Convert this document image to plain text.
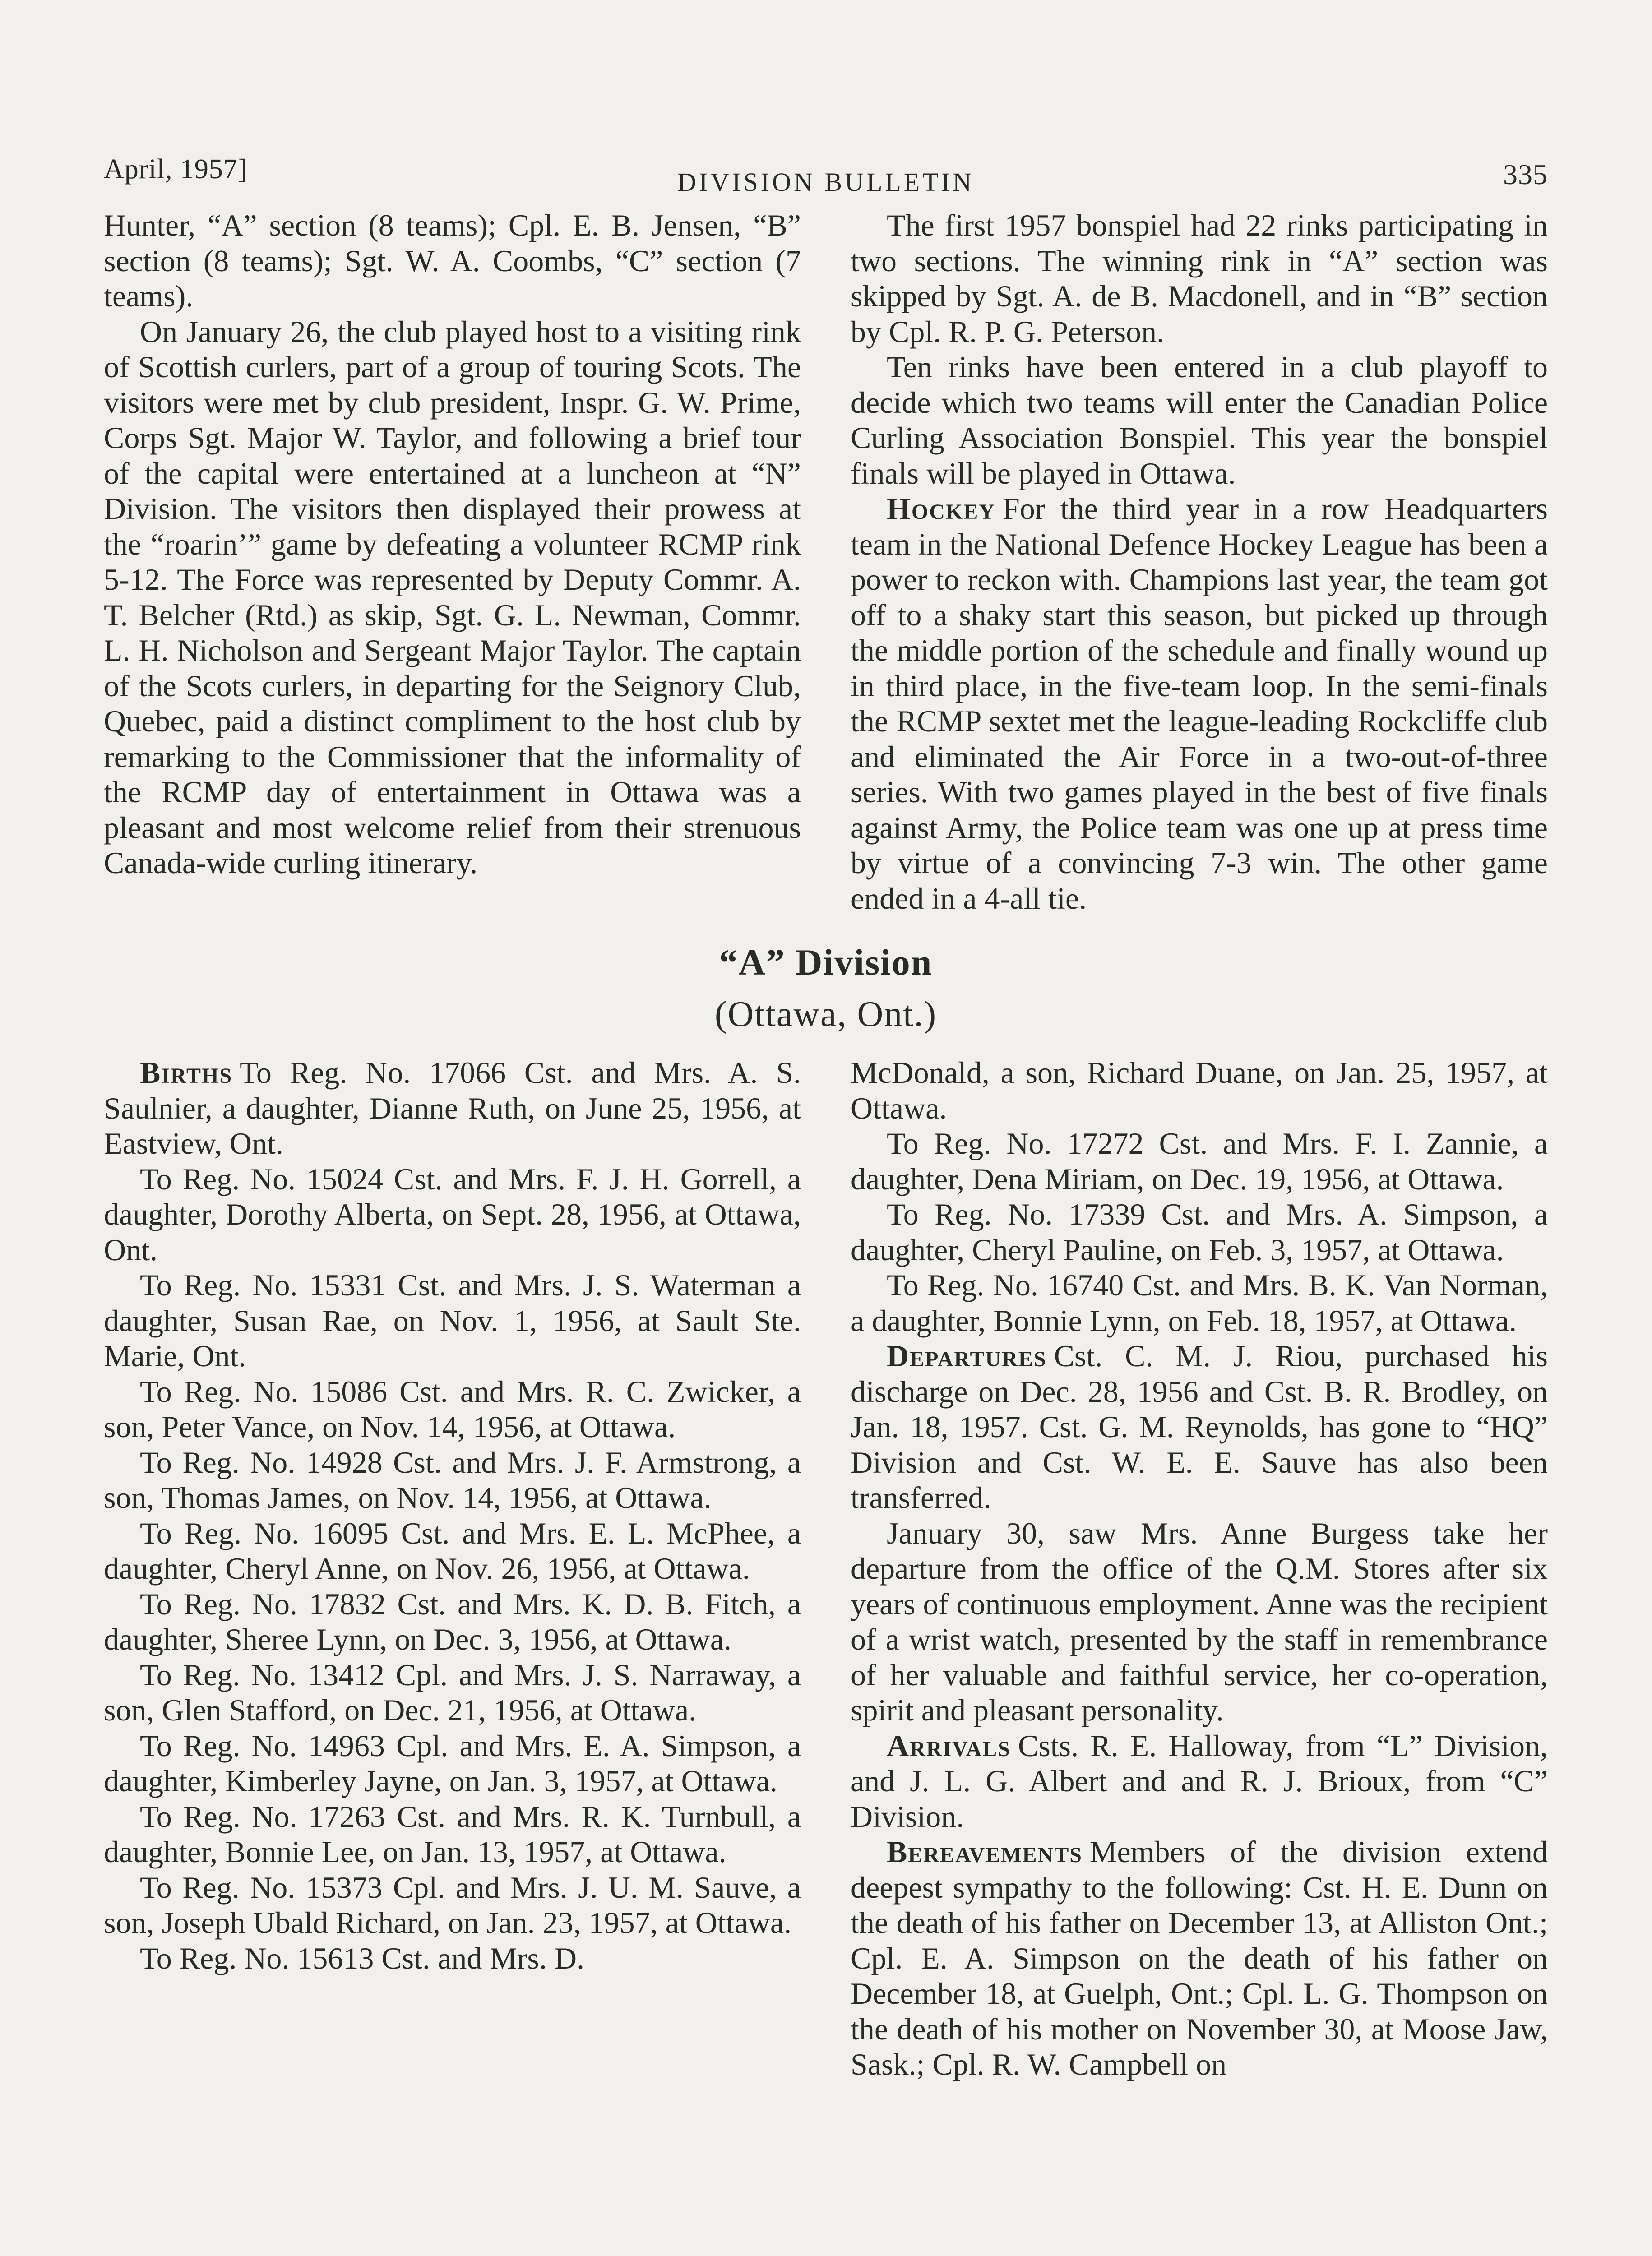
April, 1957]	DIVISION BULLETIN	335

Hunter, “A” section (8 teams); Cpl. E. B. Jensen, “B” section (8 teams); Sgt. W. A. Coombs, “C” section (7 teams).

On January 26, the club played host to a visiting rink of Scottish curlers, part of a group of touring Scots. The visitors were met by club president, Inspr. G. W. Prime, Corps Sgt. Major W. Taylor, and following a brief tour of the capital were entertained at a luncheon at “N” Division. The visitors then displayed their prowess at the “roarin’” game by defeating a volunteer RCMP rink 5-12. The Force was represented by Deputy Commr. A. T. Belcher (Rtd.) as skip, Sgt. G. L. Newman, Commr. L. H. Nicholson and Sergeant Major Taylor. The captain of the Scots curlers, in departing for the Seignory Club, Quebec, paid a distinct compliment to the host club by remarking to the Commissioner that the informality of the RCMP day of entertainment in Ottawa was a pleasant and most welcome relief from their strenuous Canada-wide curling itinerary.

The first 1957 bonspiel had 22 rinks participating in two sections. The winning rink in “A” section was skipped by Sgt. A. de B. Macdonell, and in “B” section by Cpl. R. P. G. Peterson.

Ten rinks have been entered in a club playoff to decide which two teams will enter the Canadian Police Curling Association Bonspiel. This year the bonspiel finals will be played in Ottawa.

Hockey For the third year in a row Headquarters team in the National Defence Hockey League has been a power to reckon with. Champions last year, the team got off to a shaky start this season, but picked up through the middle portion of the schedule and finally wound up in third place, in the five-team loop. In the semi-finals the RCMP sextet met the league-leading Rockcliffe club and eliminated the Air Force in a two-out-of-three series. With two games played in the best of five finals against Army, the Police team was one up at press time by virtue of a convincing 7-3 win. The other game ended in a 4-all tie.

“A” Division
(Ottawa, Ont.)

Births To Reg. No. 17066 Cst. and Mrs. A. S. Saulnier, a daughter, Dianne Ruth, on June 25, 1956, at Eastview, Ont.

To Reg. No. 15024 Cst. and Mrs. F. J. H. Gorrell, a daughter, Dorothy Alberta, on Sept. 28, 1956, at Ottawa, Ont.

To Reg. No. 15331 Cst. and Mrs. J. S. Waterman a daughter, Susan Rae, on Nov. 1, 1956, at Sault Ste. Marie, Ont.

To Reg. No. 15086 Cst. and Mrs. R. C. Zwicker, a son, Peter Vance, on Nov. 14, 1956, at Ottawa.

To Reg. No. 14928 Cst. and Mrs. J. F. Armstrong, a son, Thomas James, on Nov. 14, 1956, at Ottawa.

To Reg. No. 16095 Cst. and Mrs. E. L. McPhee, a daughter, Cheryl Anne, on Nov. 26, 1956, at Ottawa.

To Reg. No. 17832 Cst. and Mrs. K. D. B. Fitch, a daughter, Sheree Lynn, on Dec. 3, 1956, at Ottawa.

To Reg. No. 13412 Cpl. and Mrs. J. S. Narraway, a son, Glen Stafford, on Dec. 21, 1956, at Ottawa.

To Reg. No. 14963 Cpl. and Mrs. E. A. Simpson, a daughter, Kimberley Jayne, on Jan. 3, 1957, at Ottawa.

To Reg. No. 17263 Cst. and Mrs. R. K. Turnbull, a daughter, Bonnie Lee, on Jan. 13, 1957, at Ottawa.

To Reg. No. 15373 Cpl. and Mrs. J. U. M. Sauve, a son, Joseph Ubald Richard, on Jan. 23, 1957, at Ottawa.

To Reg. No. 15613 Cst. and Mrs. D.

McDonald, a son, Richard Duane, on Jan. 25, 1957, at Ottawa.

To Reg. No. 17272 Cst. and Mrs. F. I. Zannie, a daughter, Dena Miriam, on Dec. 19, 1956, at Ottawa.

To Reg. No. 17339 Cst. and Mrs. A. Simpson, a daughter, Cheryl Pauline, on Feb. 3, 1957, at Ottawa.

To Reg. No. 16740 Cst. and Mrs. B. K. Van Norman, a daughter, Bonnie Lynn, on Feb. 18, 1957, at Ottawa.

Departures Cst. C. M. J. Riou, purchased his discharge on Dec. 28, 1956 and Cst. B. R. Brodley, on Jan. 18, 1957. Cst. G. M. Reynolds, has gone to “HQ” Division and Cst. W. E. E. Sauve has also been transferred.

January 30, saw Mrs. Anne Burgess take her departure from the office of the Q.M. Stores after six years of continuous employment. Anne was the recipient of a wrist watch, presented by the staff in remembrance of her valuable and faithful service, her co-operation, spirit and pleasant personality.

Arrivals Csts. R. E. Halloway, from “L” Division, and J. L. G. Albert and and R. J. Brioux, from “C” Division.

Bereavements Members of the division extend deepest sympathy to the following: Cst. H. E. Dunn on the death of his father on December 13, at Alliston Ont.; Cpl. E. A. Simpson on the death of his father on December 18, at Guelph, Ont.; Cpl. L. G. Thompson on the death of his mother on November 30, at Moose Jaw, Sask.; Cpl. R. W. Campbell on
